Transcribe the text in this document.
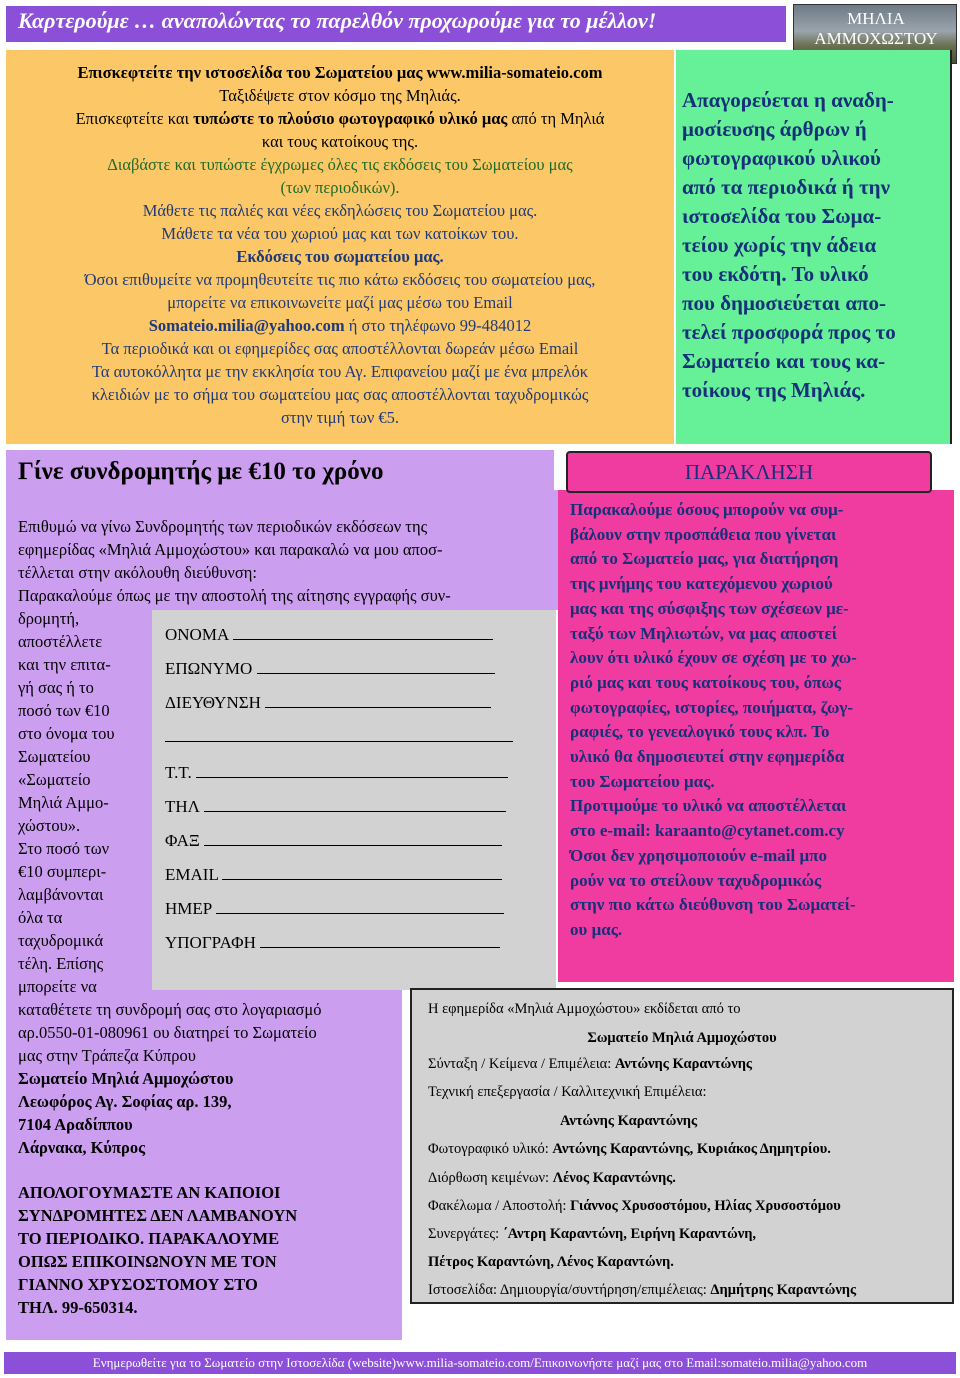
Καρτερούμε … αναπολώντας το παρελθόν προχωρούμε για το μέλλον!	ΜΗΛΙΑ
ΑΜΜΟΧΩΣΤΟΥ
Επισκεφτείτε την ιστοσελίδα του Σωματείου μας www.milia-somateio.com
Ταξιδέψετε στον κόσμο της Μηλιάς.
Επισκεφτείτε και τυπώστε το πλούσιο φωτογραφικό υλικό μας από τη Μηλιά
και τους κατοίκους της.
Διαβάστε και τυπώστε έγχρωμες όλες τις εκδόσεις του Σωματείου μας
(των περιοδικών).
Μάθετε τις παλιές και νέες εκδηλώσεις του Σωματείου μας.
Μάθετε τα νέα του χωριού μας και των κατοίκων του.
Εκδόσεις του σωματείου μας.
Όσοι επιθυμείτε να προμηθευτείτε τις πιο κάτω εκδόσεις του σωματείου μας,
μπορείτε να επικοινωνείτε μαζί μας μέσω του Email
Somateio.milia@yahoo.com ή στο τηλέφωνο 99-484012
Τα περιοδικά και οι εφημερίδες σας αποστέλλονται δωρεάν μέσω Email
Τα αυτοκόλλητα με την εκκλησία του Αγ. Επιφανείου μαζί με ένα μπρελόκ
κλειδιών με το σήμα του σωματείου μας σας αποστέλλονται ταχυδρομικώς
στην τιμή των €5.
Απαγορεύεται η αναδη-
μοσίευσης άρθρων ή
φωτογραφικού υλικού
από τα περιοδικά ή την
ιστοσελίδα του Σωμα-
τείου χωρίς την άδεια
του εκδότη. Το υλικό
που δημοσιεύεται απο-
τελεί προσφορά προς το
Σωματείο και τους κα-
τοίκους της Μηλιάς.
Γίνε συνδρομητής με €10 το χρόνο
Επιθυμώ να γίνω Συνδρομητής των περιοδικών εκδόσεων της
εφημερίδας «Μηλιά Αμμοχώστου» και παρακαλώ να μου αποσ-
τέλλεται στην ακόλουθη διεύθυνση:
Παρακαλούμε όπως με την αποστολή της αίτησης εγγραφής συν-
δρομητή,
αποστέλλετε
και την επιτα-
γή σας ή το
ποσό των €10
στο όνομα του
Σωματείου
«Σωματείο
Μηλιά Αμμο-
χώστου».
Στο ποσό των
€10 συμπερι-
λαμβάνονται
όλα τα
ταχυδρομικά
τέλη. Επίσης
μπορείτε να
καταθέτετε τη συνδρομή σας στο λογαριασμό
αρ.0550-01-080961 ου διατηρεί το Σωματείο
μας στην Τράπεζα Κύπρου
Σωματείο Μηλιά Αμμοχώστου
Λεωφόρος Αγ. Σοφίας αρ. 139,
7104 Αραδίππου
Λάρνακα, Κύπρος
ΑΠΟΛΟΓΟΥΜΑΣΤΕ ΑΝ ΚΑΠΟΙΟΙ
ΣΥΝΔΡΟΜΗΤΕΣ ΔΕΝ ΛΑΜΒΑΝΟΥΝ
ΤΟ ΠΕΡΙΟΔΙΚΟ. ΠΑΡΑΚΑΛΟΥΜΕ
ΟΠΩΣ ΕΠΙΚΟΙΝΩΝΟΥΝ ΜΕ ΤΟΝ
ΓΙΑΝΝΟ ΧΡΥΣΟΣΤΟΜΟΥ ΣΤΟ
ΤΗΛ. 99-650314.
ΟΝΟΜΑ
ΕΠΩΝΥΜΟ
ΔΙΕΥΘΥΝΣΗ
Τ.Τ.
ΤΗΛ
ΦΑΞ
EMAIL
ΗΜΕΡ
ΥΠΟΓΡΑΦΗ
ΠΑΡΑΚΛΗΣΗ
Παρακαλούμε όσους μπορούν να συμ-
βάλουν στην προσπάθεια που γίνεται
από το Σωματείο μας, για διατήρηση
της μνήμης του κατεχόμενου χωριού
μας και της σύσφιξης των σχέσεων με-
ταξύ των Μηλιωτών, να μας αποστεί
λουν ότι υλικό έχουν σε σχέση με το χω-
ριό μας και τους κατοίκους του, όπως
φωτογραφίες, ιστορίες, ποιήματα, ζωγ-
ραφιές, το γενεαλογικό τους κλπ. Το
υλικό θα δημοσιευτεί στην εφημερίδα
του Σωματείου μας.
Προτιμούμε το υλικό να αποστέλλεται
στο e-mail: karaanto@cytanet.com.cy
Όσοι δεν χρησιμοποιούν e-mail μπο
ρούν να το στείλουν ταχυδρομικώς
στην πιο κάτω διεύθυνση του Σωματεί-
ου μας.
Η εφημερίδα «Μηλιά Αμμοχώστου» εκδίδεται από το
Σωματείο Μηλιά Αμμοχώστου
Σύνταξη / Κείμενα / Επιμέλεια: Αντώνης Καραντώνης
Τεχνική επεξεργασία / Καλλιτεχνική Επιμέλεια:
Αντώνης Καραντώνης
Φωτογραφικό υλικό: Αντώνης Καραντώνης, Κυριάκος Δημητρίου.
Διόρθωση κειμένων: Λένος Καραντώνης.
Φακέλωμα / Αποστολή: Γιάννος Χρυσοστόμου, Ηλίας Χρυσοστόμου
Συνεργάτες: ΄Αντρη Καραντώνη, Ειρήνη Καραντώνη,
Πέτρος Καραντώνη, Λένος Καραντώνη.
Ιστοσελίδα: Δημιουργία/συντήρηση/επιμέλειας: Δημήτρης Καραντώνης
Ενημερωθείτε για το Σωματείο στην Ιστοσελίδα (website)www.milia-somateio.com/Επικοινωνήστε μαζί μας στο Email:somateio.milia@yahoo.com
